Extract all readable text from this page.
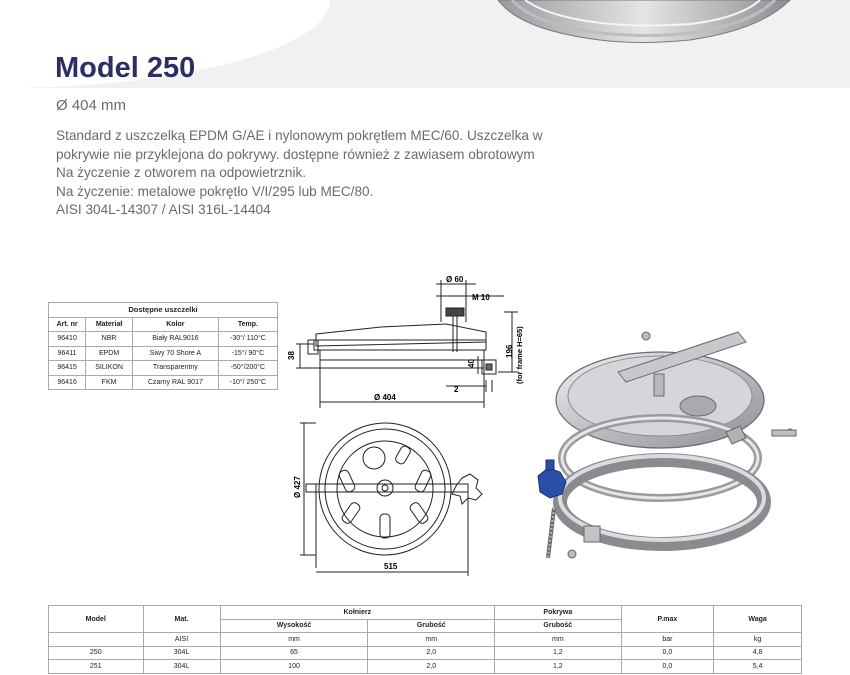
Model 250
Ø 404 mm
Standard z uszczelką EPDM G/AE i nylonowym pokrętłem MEC/60. Uszczelka w
pokrywie nie przyklejona do pokrywy. dostępne również z zawiasem obrotowym
Na życzenie z otworem na odpowietrznik.
Na życzenie: metalowe pokrętło V/I/295 lub MEC/80.
AISI 304L-14307 / AISI 316L-14404
Dostępne uszczelki			
Art. nr	Materiał	Kolor	Temp.
96410	NBR	Biały RAL9016	-30°/ 110°C
96411	EPDM	Siwy 70 Shore A	-15°/ 90°C
96415	SILIKON	Transparentny	-50°/200°C
96416	FKM	Czarny RAL 9017	-10°/ 250°C
Ø 60
M 10
38
40
196 (for frame H=65)
2
Ø 404
Ø 427
515
Model	Mat.	Kołnierz		Pokrywa	P.max	Waga
		Wysokość	Grubość	Grubość		
	AISI	mm	mm	mm	bar	kg
250	304L	65	2,0	1,2	0,0	4,8
251	304L	100	2,0	1,2	0,0	5,4
